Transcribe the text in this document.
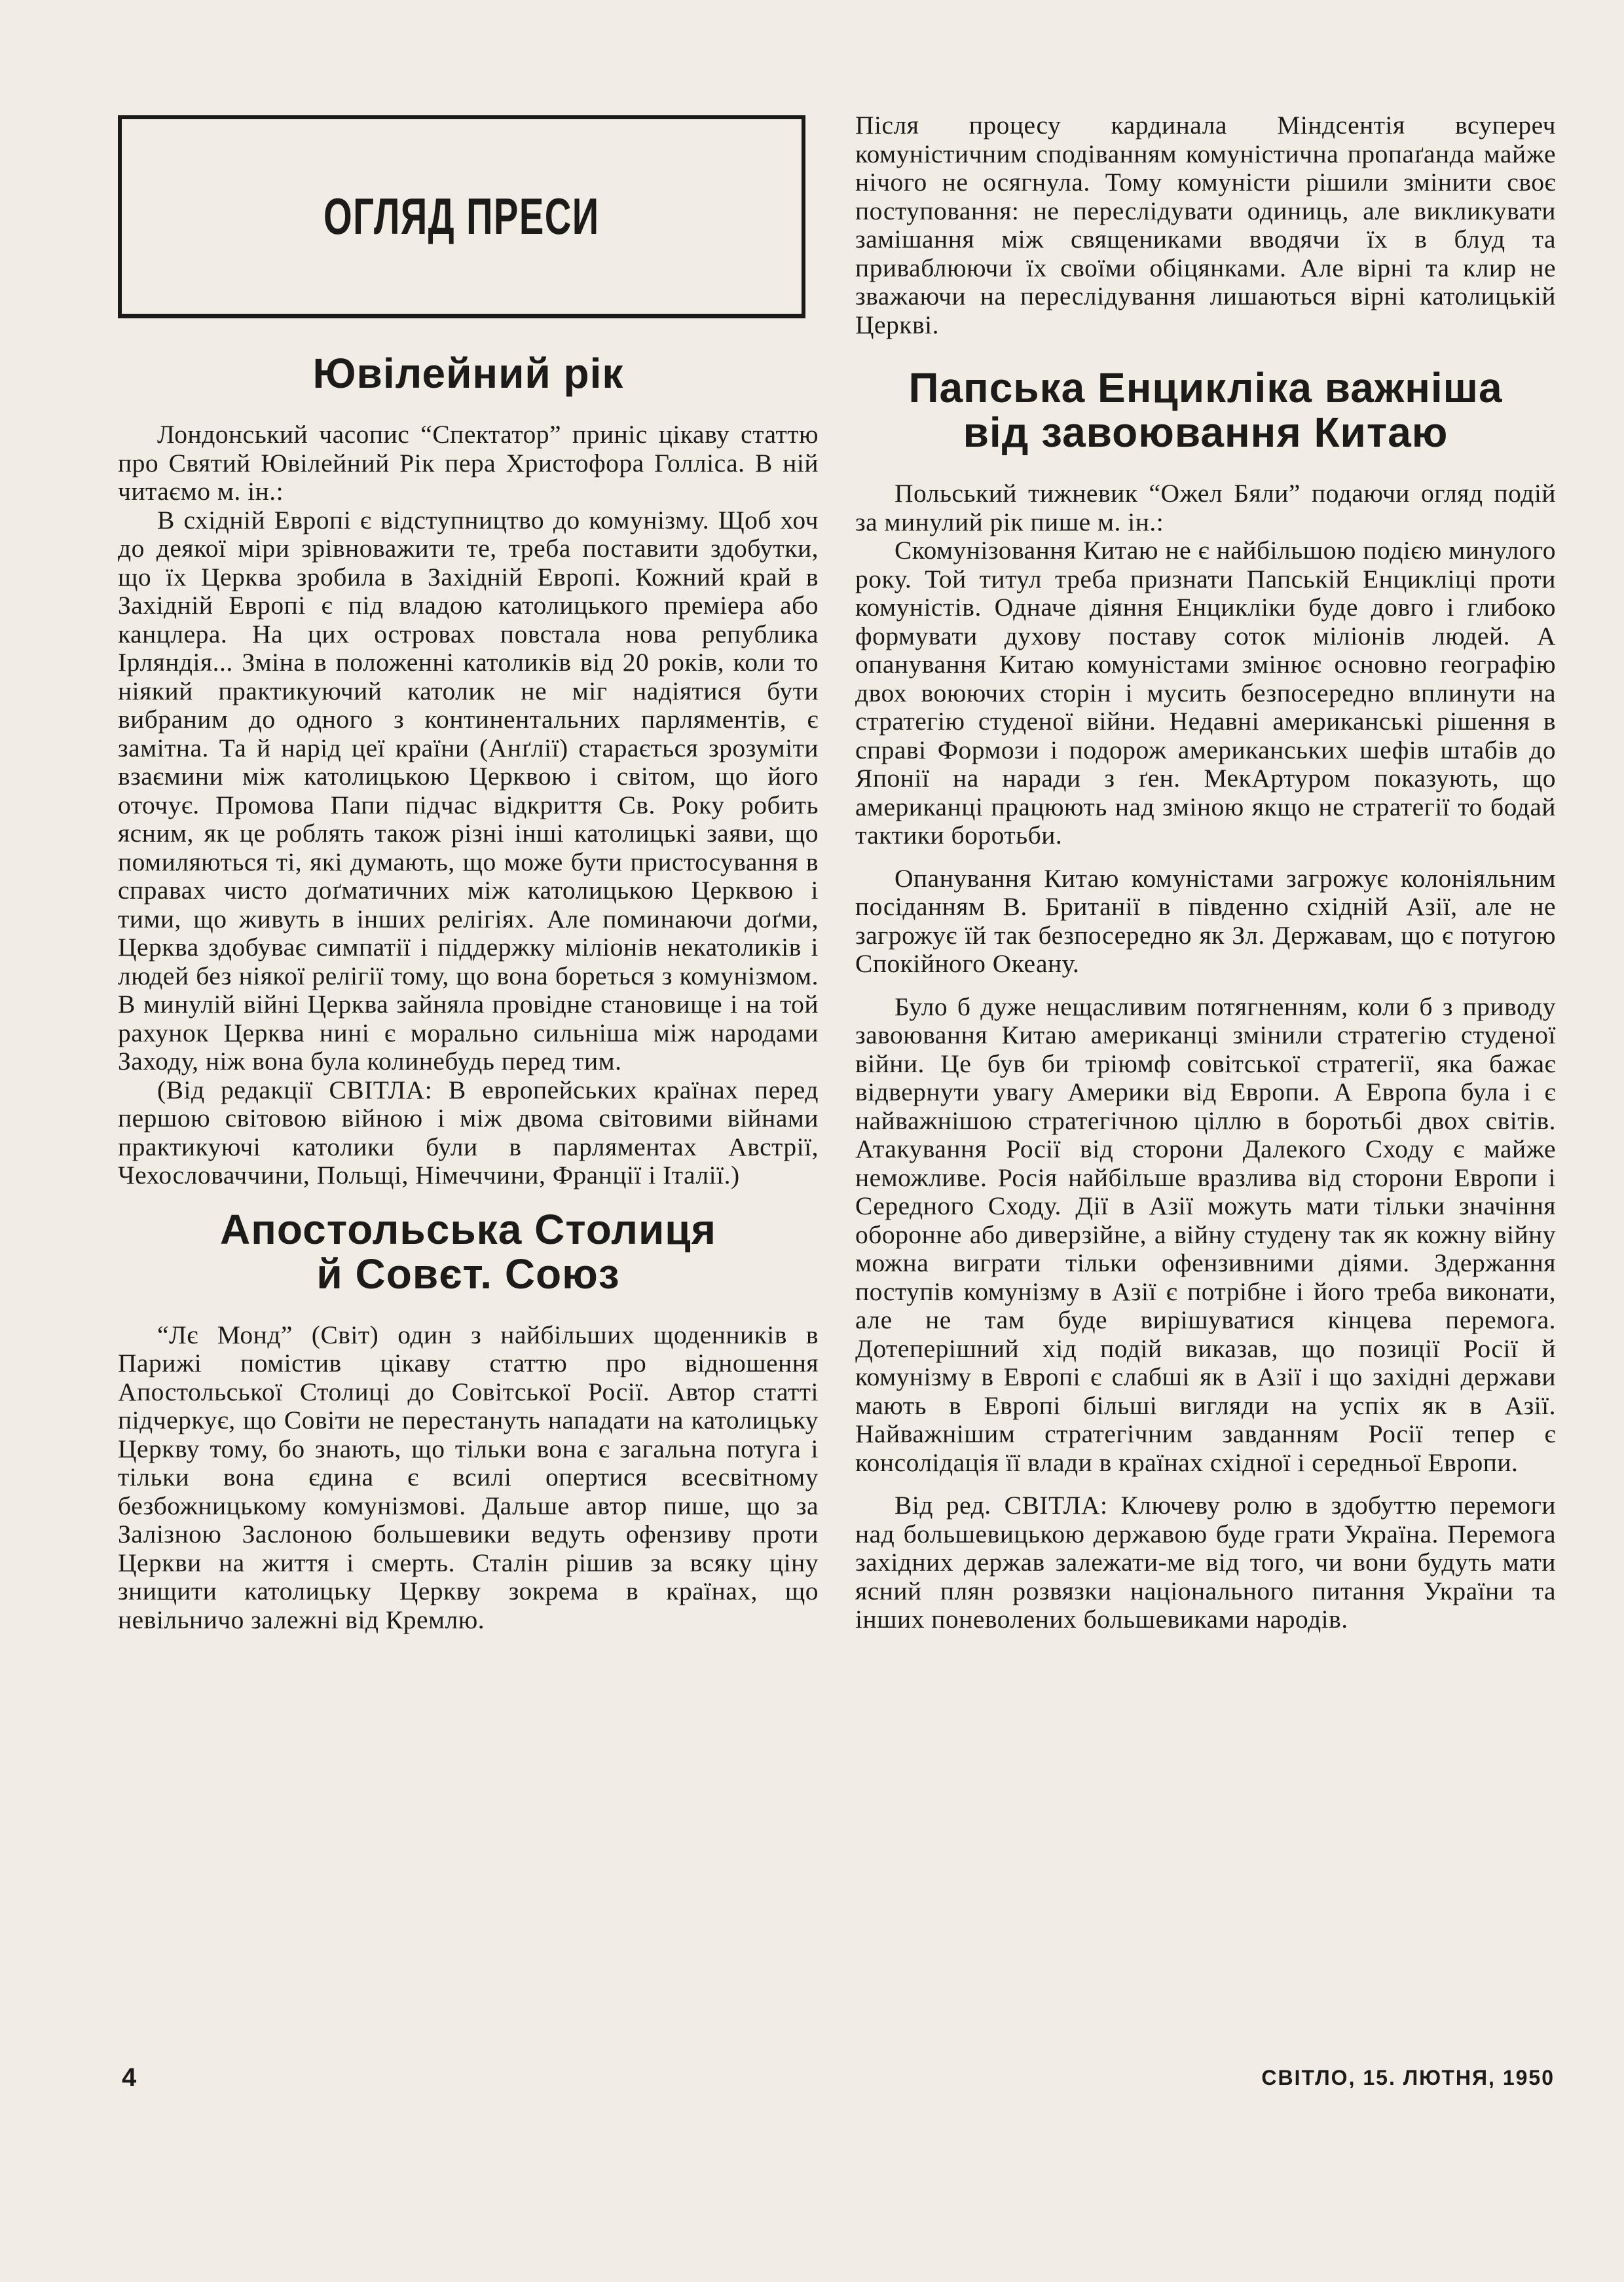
ОГЛЯД ПРЕСИ
Ювілейний рік

Лондонський часопис “Спектатор” приніс цікаву статтю про Святий Ювілейний Рік пера Христофора Голліса. В ній читаємо м. ін.:

В східній Европі є відступництво до комунізму. Щоб хоч до деякої міри зрівноважити те, треба поставити здобутки, що їх Церква зробила в Західній Европі. Кожний край в Західній Европі є під владою католицького преміера або канцлера. На цих островах повстала нова република Ірляндія... Зміна в положенні католиків від 20 років, коли то ніякий практикуючий католик не міг надіятися бути вибраним до одного з континентальних парляментів, є замітна. Та й нарід цеї країни (Анґлії) старається зрозуміти взаємини між католицькою Церквою і світом, що його оточує. Промова Папи підчас відкриття Св. Року робить ясним, як це роблять також різні інші католицькі заяви, що помиляються ті, які думають, що може бути пристосування в справах чисто доґматичних між католицькою Церквою і тими, що живуть в інших релігіях. Але поминаючи доґми, Церква здобуває симпатії і піддержку міліонів некатоликів і людей без ніякої релігії тому, що вона бореться з комунізмом. В минулій війні Церква зайняла провідне становище і на той рахунок Церква нині є морально сильніша між народами Заходу, ніж вона була колинебудь перед тим.

(Від редакції СВІТЛА: В европейських країнах перед першою світовою війною і між двома світовими війнами практикуючі католики були в парляментах Австрії, Чехословаччини, Польщі, Німеччини, Франції і Італії.)

Апостольська Столиця
й Совєт. Союз

“Лє Монд” (Світ) один з найбільших щоденників в Парижі помістив цікаву статтю про відношення Апостольської Столиці до Совітської Росії. Автор статті підчеркує, що Совіти не перестануть нападати на католицьку Церкву тому, бо знають, що тільки вона є загальна потуга і тільки вона єдина є всилі опертися всесвітному безбожницькому комунізмові. Дальше автор пише, що за Залізною Заслоною большевики ведуть офензиву проти Церкви на життя і смерть. Сталін рішив за всяку ціну знищити католицьку Церкву зокрема в країнах, що невільничо залежні від Кремлю.

Після процесу кардинала Міндсентія всупереч комуністичним сподіванням комуністична пропаґанда майже нічого не осягнула. Тому комуністи рішили змінити своє поступовання: не переслідувати одиниць, але викликувати замішання між священиками вводячи їх в блуд та приваблюючи їх своїми обіцянками. Але вірні та клир не зважаючи на переслідування лишаються вірні католицькій Церкві.

Папська Енцикліка важніша
від завоювання Китаю

Польський тижневик “Ожел Бяли” подаючи огляд подій за минулий рік пише м. ін.:

Скомунізовання Китаю не є найбільшою подією минулого року. Той титул треба признати Папській Енцикліці проти комуністів. Одначе діяння Енцикліки буде довго і глибоко формувати духову поставу соток міліонів людей. А опанування Китаю комуністами змінює основно географію двох воюючих сторін і мусить безпосередно вплинути на стратегію студеної війни. Недавні американські рішення в справі Формози і подорож американських шефів штабів до Японії на наради з ґен. МекАртуром показують, що американці працюють над зміною якщо не стратегії то бодай тактики боротьби.

Опанування Китаю комуністами загрожує колоніяльним посіданням В. Британії в південно східній Азії, але не загрожує їй так безпосередно як Зл. Державам, що є потугою Спокійного Океану.

Було б дуже нещасливим потягненням, коли б з приводу завоювання Китаю американці змінили стратегію студеної війни. Це був би тріюмф совітської стратегії, яка бажає відвернути увагу Америки від Европи. А Европа була і є найважнішою стратегічною ціллю в боротьбі двох світів. Атакування Росії від сторони Далекого Сходу є майже неможливе. Росія найбільше вразлива від сторони Европи і Середного Сходу. Дії в Азії можуть мати тільки значіння оборонне або диверзійне, а війну студену так як кожну війну можна виграти тільки офензивними діями. Здержання поступів комунізму в Азії є потрібне і його треба виконати, але не там буде вирішуватися кінцева перемога. Дотеперішний хід подій виказав, що позиції Росії й комунізму в Европі є слабші як в Азії і що західні держави мають в Европі більші вигляди на успіх як в Азії. Найважнішим стратегічним завданням Росії тепер є консолідація її влади в країнах східної і середньої Европи.

Від ред. СВІТЛА: Ключеву ролю в здобуттю перемоги над большевицькою державою буде грати Україна. Перемога західних держав залежати-ме від того, чи вони будуть мати ясний плян розвязки національного питання України та інших поневолених большевиками народів.

4	СВІТЛО, 15. ЛЮТНЯ, 1950
